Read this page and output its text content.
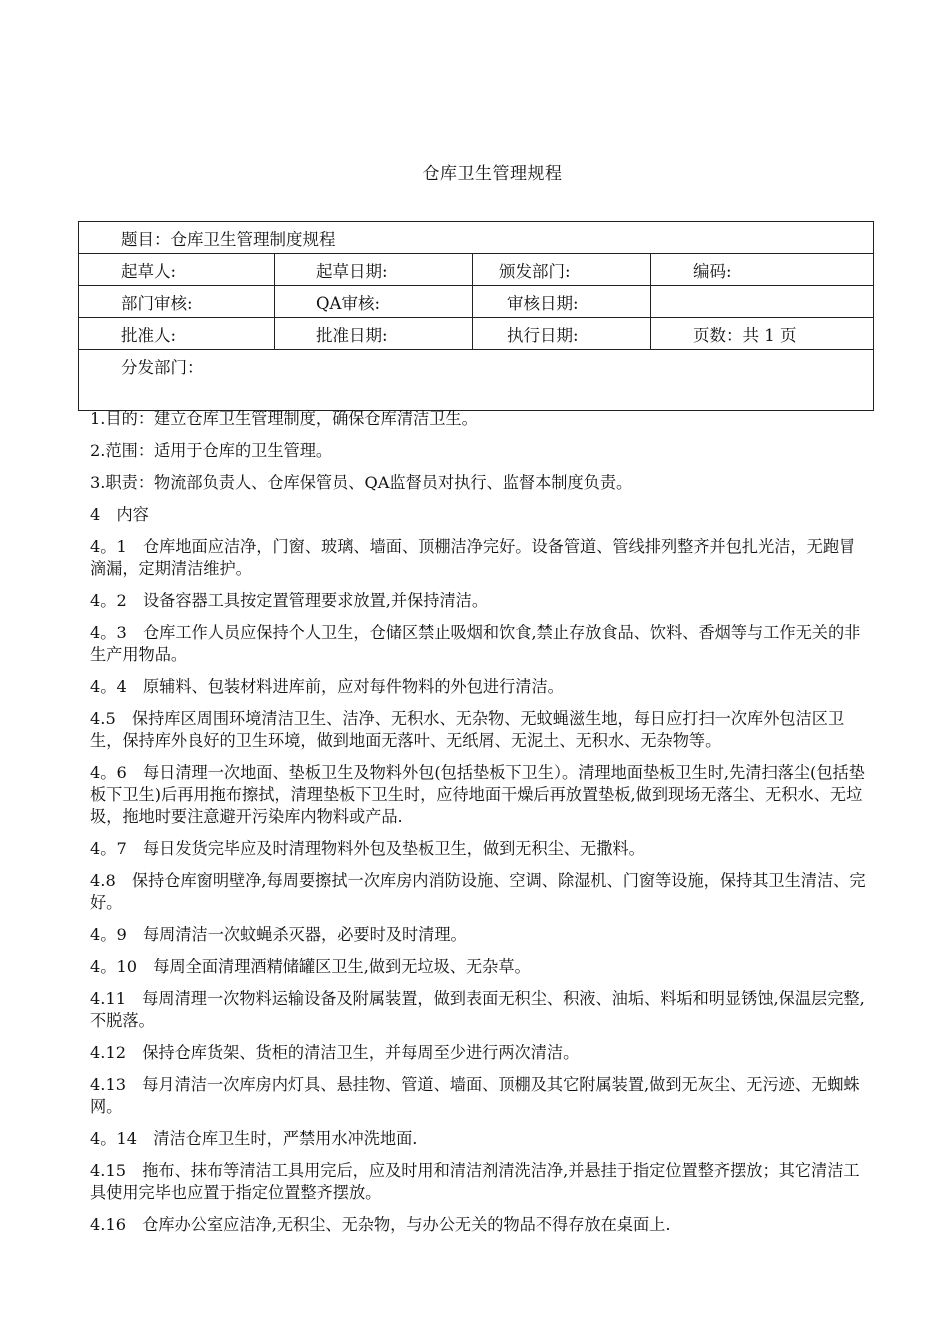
仓库卫生管理规程
题目：仓库卫生管理制度规程			
起草人:	起草日期:	颁发部门:	编码:
部门审核:	QA审核:	审核日期:	
批准人:	批准日期:	执行日期:	页数：共 1 页
分发部门：			

1.目的：建立仓库卫生管理制度，确保仓库清洁卫生。

2.范围：适用于仓库的卫生管理。

3.职责：物流部负责人、仓库保管员、QA监督员对执行、监督本制度负责。

4　内容

4。1　仓库地面应洁净，门窗、玻璃、墙面、顶棚洁净完好。设备管道、管线排列整齐并包扎光洁，无跑冒滴漏，定期清洁维护。

4。2　设备容器工具按定置管理要求放置,并保持清洁。

4。3　仓库工作人员应保持个人卫生，仓储区禁止吸烟和饮食,禁止存放食品、饮料、香烟等与工作无关的非生产用物品。

4。4　原辅料、包装材料进库前，应对每件物料的外包进行清洁。

4.5　保持库区周围环境清洁卫生、洁净、无积水、无杂物、无蚊蝇滋生地，每日应打扫一次库外包洁区卫生，保持库外良好的卫生环境，做到地面无落叶、无纸屑、无泥土、无积水、无杂物等。

4。6　每日清理一次地面、垫板卫生及物料外包(包括垫板下卫生）。清理地面垫板卫生时,先清扫落尘(包括垫板下卫生)后再用拖布擦拭，清理垫板下卫生时，应待地面干燥后再放置垫板,做到现场无落尘、无积水、无垃圾，拖地时要注意避开污染库内物料或产品.

4。7　每日发货完毕应及时清理物料外包及垫板卫生，做到无积尘、无撒料。

4.8　保持仓库窗明壁净,每周要擦拭一次库房内消防设施、空调、除湿机、门窗等设施，保持其卫生清洁、完好。

4。9　每周清洁一次蚊蝇杀灭器，必要时及时清理。

4。10　每周全面清理酒精储罐区卫生,做到无垃圾、无杂草。

4.11　每周清理一次物料运输设备及附属装置，做到表面无积尘、积液、油垢、料垢和明显锈蚀,保温层完整,不脱落。

4.12　保持仓库货架、货柜的清洁卫生，并每周至少进行两次清洁。

4.13　每月清洁一次库房内灯具、悬挂物、管道、墙面、顶棚及其它附属装置,做到无灰尘、无污迹、无蜘蛛网。

4。14　清洁仓库卫生时，严禁用水冲洗地面.

4.15　拖布、抹布等清洁工具用完后，应及时用和清洁剂清洗洁净,并悬挂于指定位置整齐摆放；其它清洁工具使用完毕也应置于指定位置整齐摆放。

4.16　仓库办公室应洁净,无积尘、无杂物，与办公无关的物品不得存放在桌面上.
